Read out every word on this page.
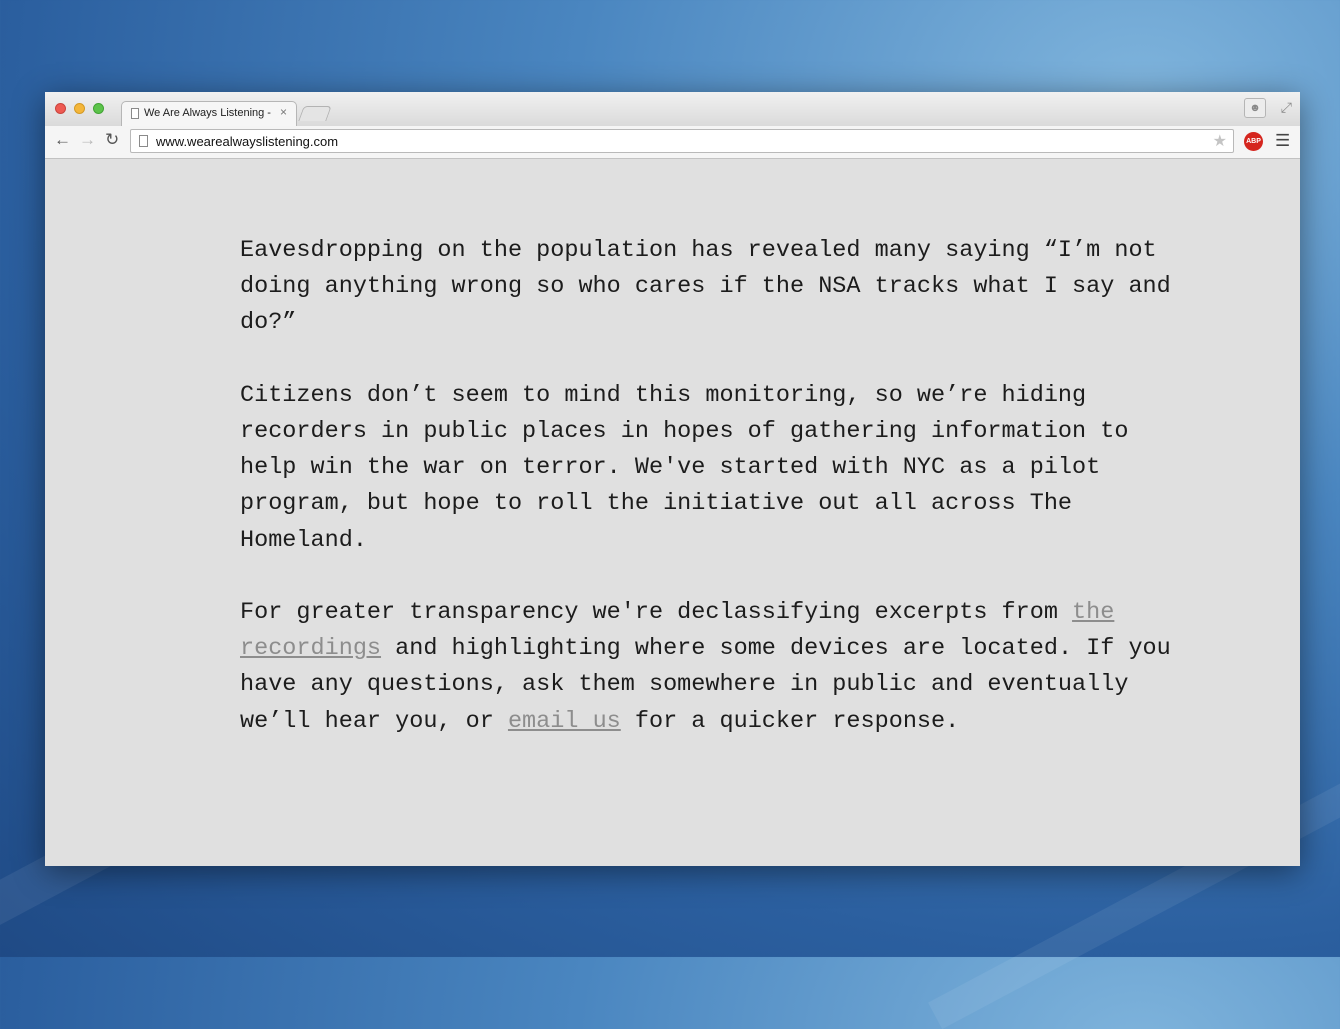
We Are Always Listening - ×	☻	⤢
← → ↻	www.wearealwayslistening.com	★	ABP ☰

Eavesdropping on the population has revealed many saying “I’m not doing anything wrong so who cares if the NSA tracks what I say and do?”

Citizens don’t seem to mind this monitoring, so we’re hiding recorders in public places in hopes of gathering information to help win the war on terror. We've started with NYC as a pilot program, but hope to roll the initiative out all across The Homeland.

For greater transparency we're declassifying excerpts from the recordings and highlighting where some devices are located. If you have any questions, ask them somewhere in public and eventually we’ll hear you, or email us for a quicker response.
